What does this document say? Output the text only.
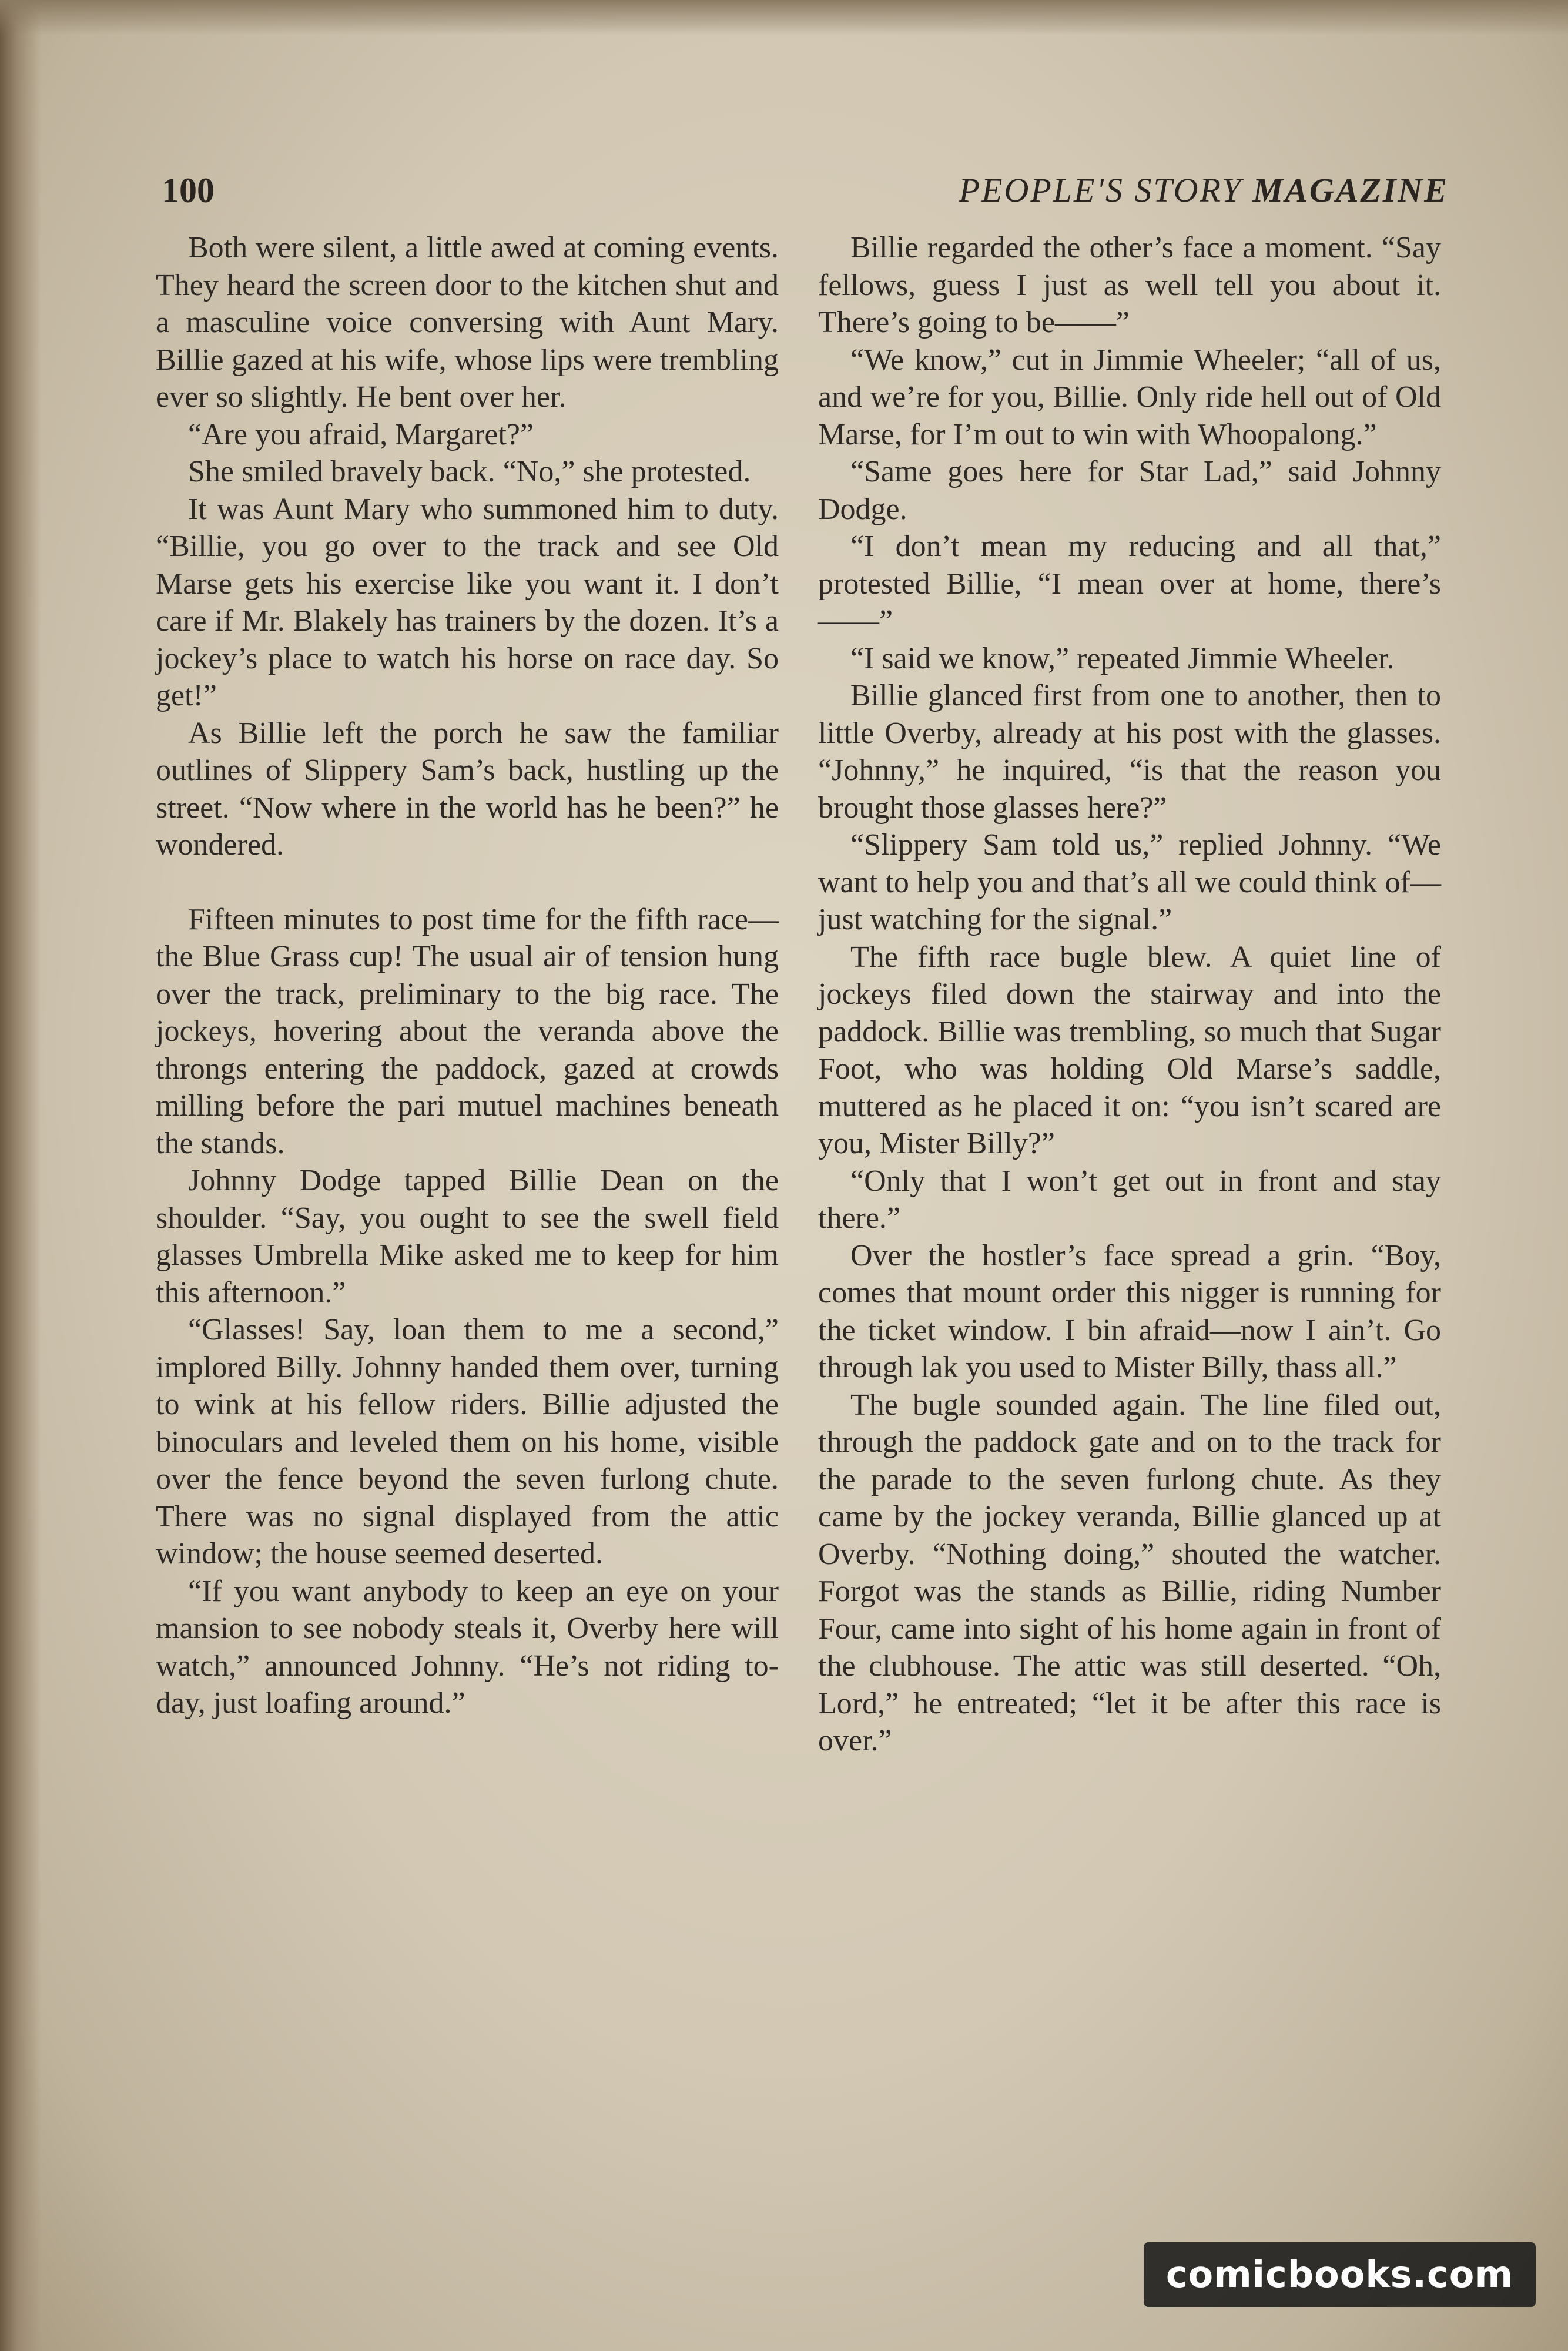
100	PEOPLE'S STORY MAGAZINE

Both were silent, a little awed at coming events. They heard the screen door to the kitchen shut and a masculine voice conversing with Aunt Mary. Billie gazed at his wife, whose lips were trembling ever so slightly. He bent over her.

“Are you afraid, Margaret?”

She smiled bravely back. “No,” she protested.

It was Aunt Mary who summoned him to duty. “Billie, you go over to the track and see Old Marse gets his exercise like you want it. I don’t care if Mr. Blakely has trainers by the dozen. It’s a jockey’s place to watch his horse on race day. So get!”

As Billie left the porch he saw the familiar outlines of Slippery Sam’s back, hustling up the street. “Now where in the world has he been?” he wondered.

Fifteen minutes to post time for the fifth race—the Blue Grass cup! The usual air of tension hung over the track, preliminary to the big race. The jockeys, hovering about the veranda above the throngs entering the paddock, gazed at crowds milling before the pari mutuel machines beneath the stands.

Johnny Dodge tapped Billie Dean on the shoulder. “Say, you ought to see the swell field glasses Umbrella Mike asked me to keep for him this afternoon.”

“Glasses! Say, loan them to me a second,” implored Billy. Johnny handed them over, turning to wink at his fellow riders. Billie adjusted the binoculars and leveled them on his home, visible over the fence beyond the seven furlong chute. There was no signal displayed from the attic window; the house seemed deserted.

“If you want anybody to keep an eye on your mansion to see nobody steals it, Overby here will watch,” announced Johnny. “He’s not riding to-day, just loafing around.”

Billie regarded the other’s face a moment. “Say fellows, guess I just as well tell you about it. There’s going to be——”

“We know,” cut in Jimmie Wheeler; “all of us, and we’re for you, Billie. Only ride hell out of Old Marse, for I’m out to win with Whoopalong.”

“Same goes here for Star Lad,” said Johnny Dodge.

“I don’t mean my reducing and all that,” protested Billie, “I mean over at home, there’s——”

“I said we know,” repeated Jimmie Wheeler.

Billie glanced first from one to another, then to little Overby, already at his post with the glasses. “Johnny,” he inquired, “is that the reason you brought those glasses here?”

“Slippery Sam told us,” replied Johnny. “We want to help you and that’s all we could think of—just watching for the signal.”

The fifth race bugle blew. A quiet line of jockeys filed down the stairway and into the paddock. Billie was trembling, so much that Sugar Foot, who was holding Old Marse’s saddle, muttered as he placed it on: “you isn’t scared are you, Mister Billy?”

“Only that I won’t get out in front and stay there.”

Over the hostler’s face spread a grin. “Boy, comes that mount order this nigger is running for the ticket window. I bin afraid—now I ain’t. Go through lak you used to Mister Billy, thass all.”

The bugle sounded again. The line filed out, through the paddock gate and on to the track for the parade to the seven furlong chute. As they came by the jockey veranda, Billie glanced up at Overby. “Nothing doing,” shouted the watcher. Forgot was the stands as Billie, riding Number Four, came into sight of his home again in front of the clubhouse. The attic was still deserted. “Oh, Lord,” he entreated; “let it be after this race is over.”

comicbooks.com
